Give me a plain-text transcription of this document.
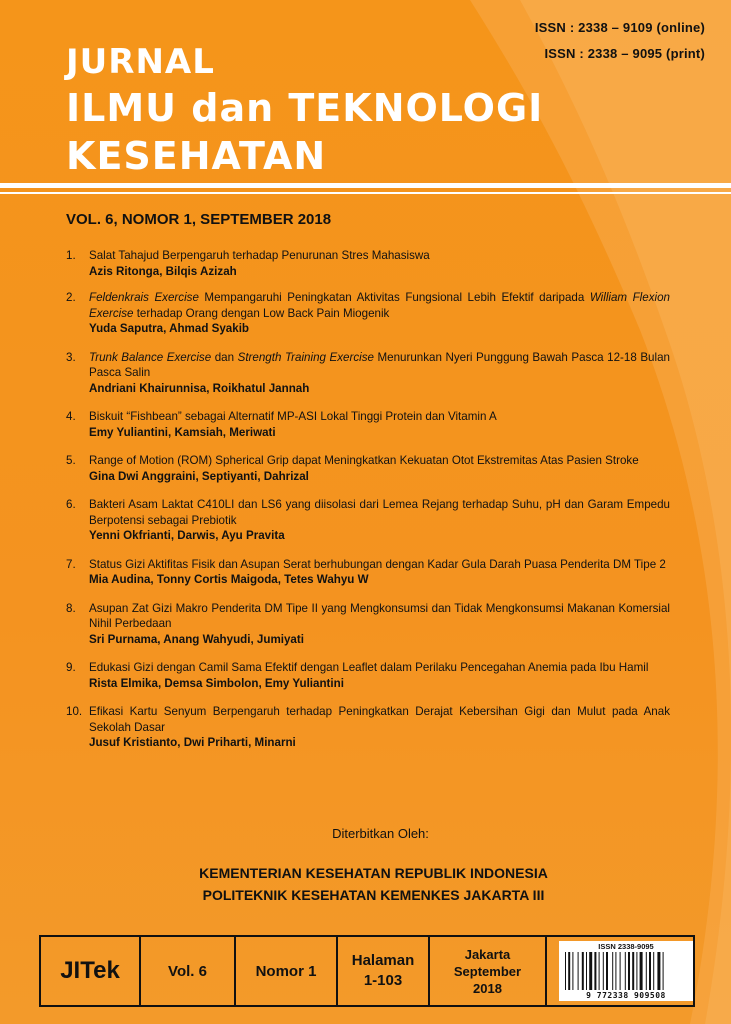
ISSN : 2338 – 9109 (online)
ISSN : 2338 – 9095 (print)
JURNAL
ILMU dan TEKNOLOGI
KESEHATAN
VOL. 6, NOMOR 1, SEPTEMBER 2018
1. Salat Tahajud Berpengaruh terhadap Penurunan Stres Mahasiswa
Azis Ritonga, Bilqis Azizah
2. Feldenkrais Exercise Mempangaruhi Peningkatan Aktivitas Fungsional Lebih Efektif daripada William Flexion Exercise terhadap Orang dengan Low Back Pain Miogenik
Yuda Saputra, Ahmad Syakib
3. Trunk Balance Exercise dan Strength Training Exercise Menurunkan Nyeri Punggung Bawah Pasca 12-18 Bulan Pasca Salin
Andriani Khairunnisa, Roikhatul Jannah
4. Biskuit “Fishbean” sebagai Alternatif MP-ASI Lokal Tinggi Protein dan Vitamin A
Emy Yuliantini, Kamsiah, Meriwati
5. Range of Motion (ROM) Spherical Grip dapat Meningkatkan Kekuatan Otot Ekstremitas Atas Pasien Stroke
Gina Dwi Anggraini, Septiyanti, Dahrizal
6. Bakteri Asam Laktat C410LI dan LS6 yang diisolasi dari Lemea Rejang terhadap Suhu, pH dan Garam Empedu Berpotensi sebagai Prebiotik
Yenni Okfrianti, Darwis, Ayu Pravita
7. Status Gizi Aktifitas Fisik dan Asupan Serat berhubungan dengan Kadar Gula Darah Puasa Penderita DM Tipe 2
Mia Audina, Tonny Cortis Maigoda, Tetes Wahyu W
8. Asupan Zat Gizi Makro Penderita DM Tipe II yang Mengkonsumsi dan Tidak Mengkonsumsi Makanan Komersial Nihil Perbedaan
Sri Purnama, Anang Wahyudi, Jumiyati
9. Edukasi Gizi dengan Camil Sama Efektif dengan Leaflet dalam Perilaku Pencegahan Anemia pada Ibu Hamil
Rista Elmika, Demsa Simbolon, Emy Yuliantini
10. Efikasi Kartu Senyum Berpengaruh terhadap Peningkatkan Derajat Kebersihan Gigi dan Mulut pada Anak Sekolah Dasar
Jusuf Kristianto, Dwi Priharti, Minarni
Diterbitkan Oleh:
KEMENTERIAN KESEHATAN REPUBLIK INDONESIA
POLITEKNIK KESEHATAN KEMENKES JAKARTA III
JITek	Vol. 6	Nomor 1
Halaman
1-103
Jakarta
September
2018
ISSN 2338-9095
9 772338 909508
